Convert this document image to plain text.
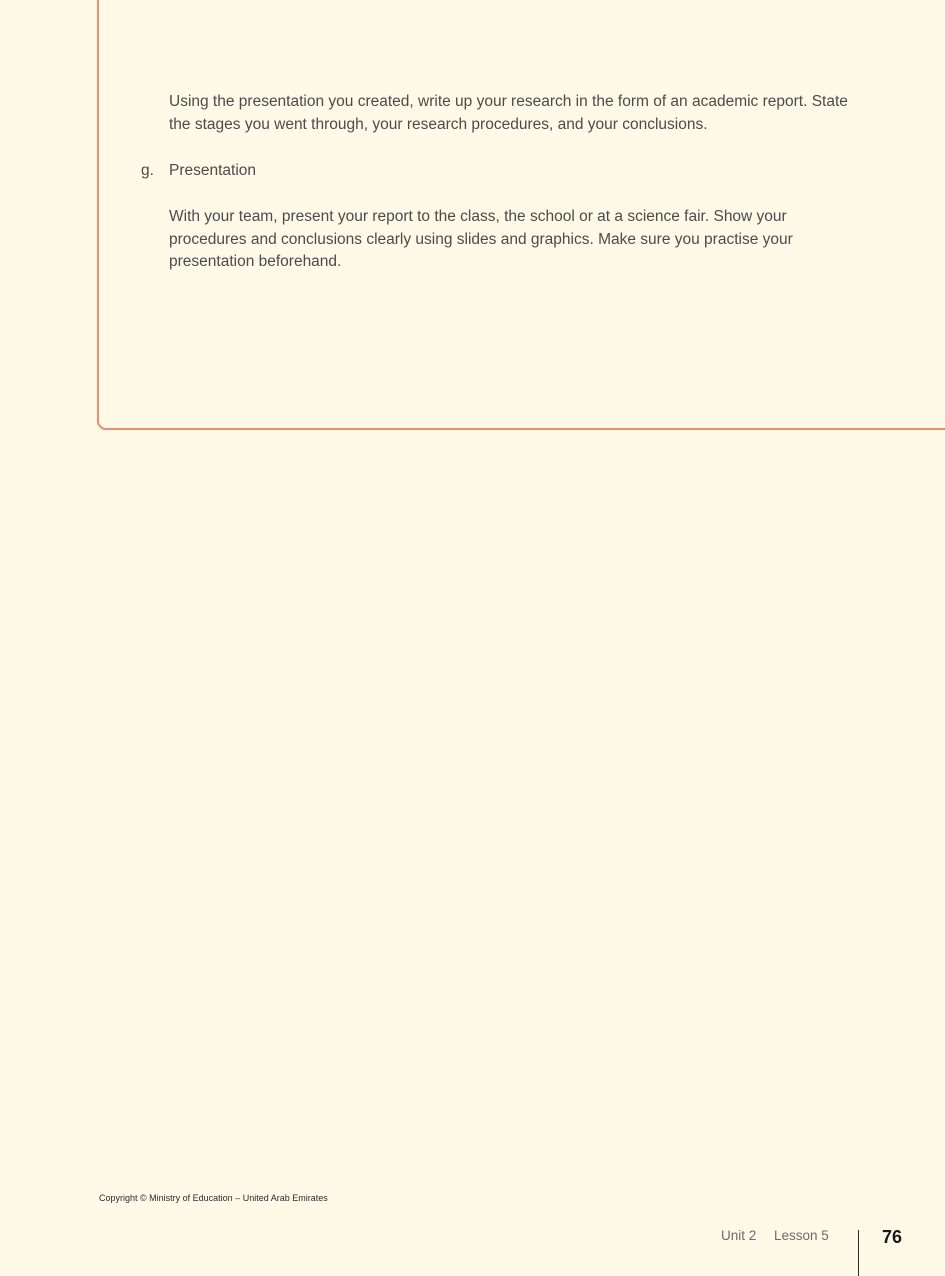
Using the presentation you created, write up your research in the form of an academic report. State the stages you went through, your research procedures, and your conclusions.

g. Presentation

With your team, present your report to the class, the school or at a science fair. Show your procedures and conclusions clearly using slides and graphics. Make sure you practise your presentation beforehand.

Copyright © Ministry of Education – United Arab Emirates
Unit 2 Lesson 5	76
